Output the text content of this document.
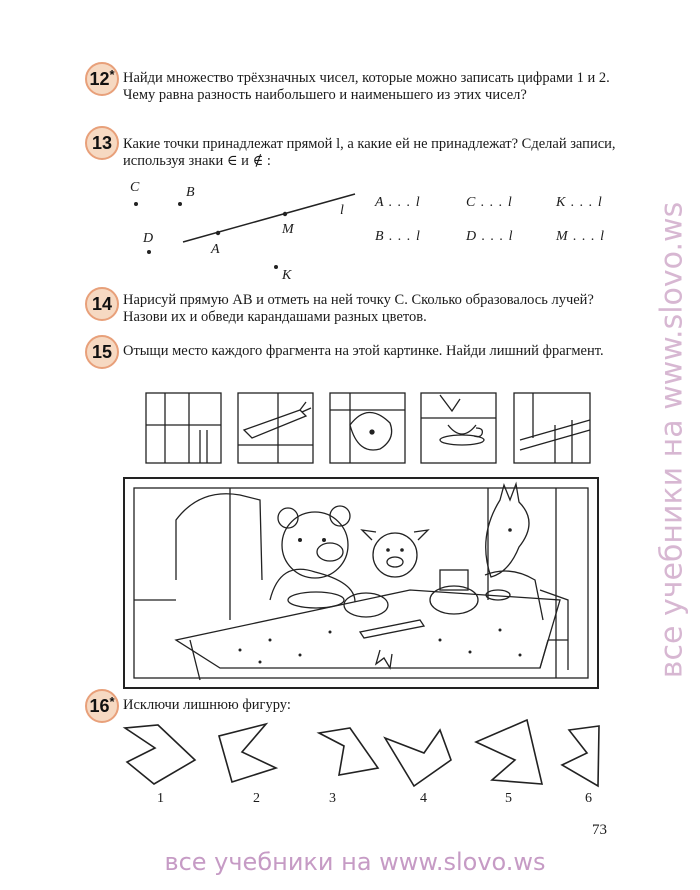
12* Найди множество трёхзначных чисел, которые можно записать цифрами 1 и 2. Чему равна разность наибольшего и наименьшего из этих чисел?
13 Какие точки принадлежат прямой l, а какие ей не принадлежат? Сделай записи, используя знаки ∈ и ∉ :
C	B
D
A
M
K
l
A . . . l	C . . . l	K . . . l
B . . . l	D . . . l	M . . . l
14 Нарисуй прямую AB и отметь на ней точку C. Сколько образовалось лучей? Назови их и обведи карандашами разных цветов.
15 Отыщи место каждого фрагмента на этой картинке. Найди лишний фрагмент.
16* Исключи лишнюю фигуру:
1	2	3	4	5	6
73
все учебники на www.slovo.ws
все учебники на www.slovo.ws
